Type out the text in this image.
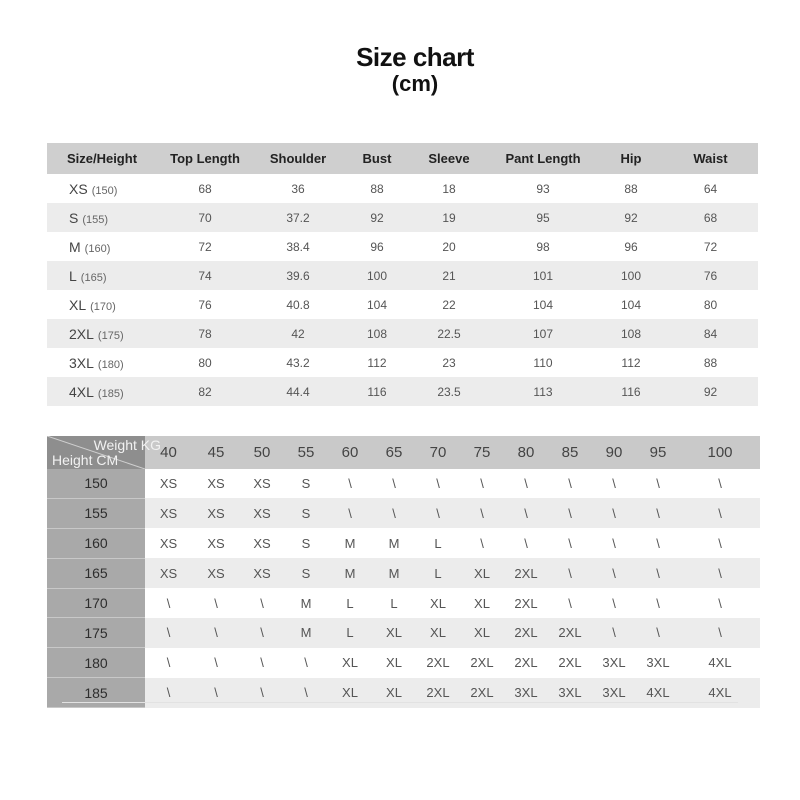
Size chart
(cm)
Size/Height	Top Length	Shoulder	Bust	Sleeve	Pant Length	Hip	Waist
XS (150)	68	36	88	18	93	88	64
S (155)	70	37.2	92	19	95	92	68
M (160)	72	38.4	96	20	98	96	72
L (165)	74	39.6	100	21	101	100	76
XL (170)	76	40.8	104	22	104	104	80
2XL (175)	78	42	108	22.5	107	108	84
3XL (180)	80	43.2	112	23	110	112	88
4XL (185)	82	44.4	116	23.5	113	116	92
Weight KG
Height CM	40	45	50	55	60	65	70	75	80	85	90	95	100
150	XS	XS	XS	S	\	\	\	\	\	\	\	\	\
155	XS	XS	XS	S	\	\	\	\	\	\	\	\	\
160	XS	XS	XS	S	M	M	L	\	\	\	\	\	\
165	XS	XS	XS	S	M	M	L	XL	2XL	\	\	\	\
170	\	\	\	M	L	L	XL	XL	2XL	\	\	\	\
175	\	\	\	M	L	XL	XL	XL	2XL	2XL	\	\	\
180	\	\	\	\	XL	XL	2XL	2XL	2XL	2XL	3XL	3XL	4XL
185	\	\	\	\	XL	XL	2XL	2XL	3XL	3XL	3XL	4XL	4XL
